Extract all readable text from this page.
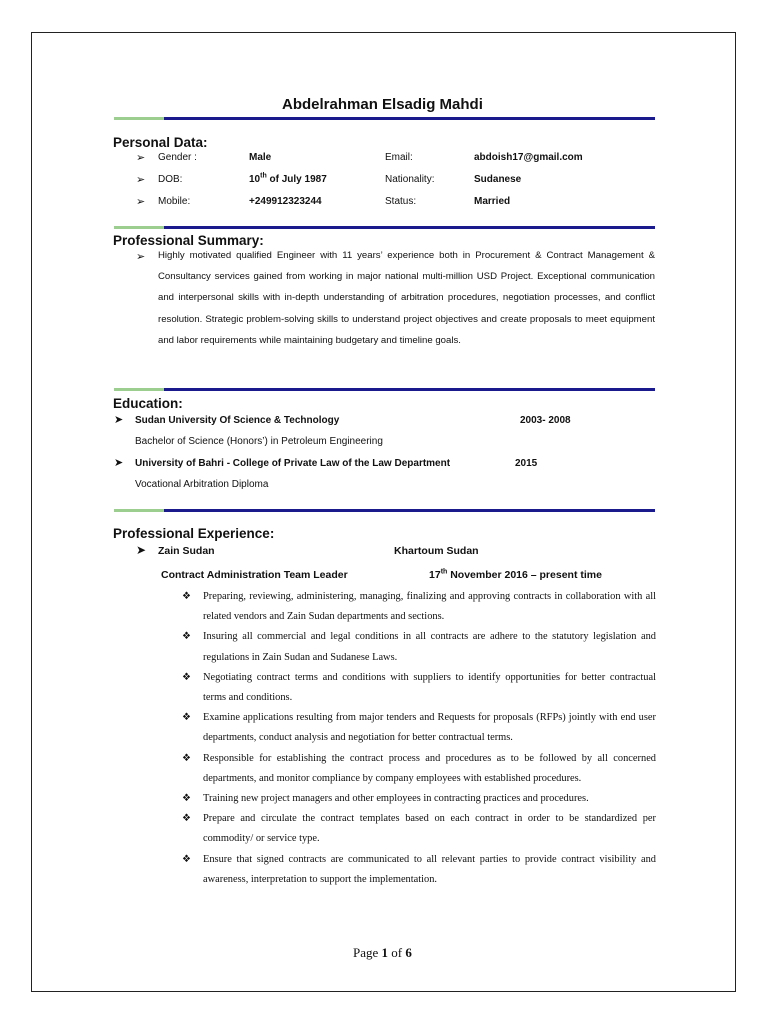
Abdelrahman Elsadig Mahdi
Personal Data:
➢ Gender :	Male	Email:	abdoish17@gmail.com
➢ DOB:	10th of July 1987	Nationality:	Sudanese
➢ Mobile:	+249912323244	Status:	Married
Professional Summary:
➢ Highly motivated qualified Engineer with 11 years’ experience both in Procurement & Contract Management & Consultancy services gained from working in major national multi-million USD Project. Exceptional communication and interpersonal skills with in-depth understanding of arbitration procedures, negotiation processes, and conflict resolution. Strategic problem-solving skills to understand project objectives and create proposals to meet equipment and labor requirements while maintaining budgetary and timeline goals.

Education:
➤ Sudan University Of Science & Technology	2003- 2008
Bachelor of Science (Honors’) in Petroleum Engineering
➤ University of Bahri - College of Private Law of the Law Department	2015
Vocational Arbitration Diploma
Professional Experience:
➤ Zain Sudan	Khartoum Sudan
Contract Administration Team Leader	17th November 2016 – present time
❖ Preparing, reviewing, administering, managing, finalizing and approving contracts in collaboration with all related vendors and Zain Sudan departments and sections.
❖ Insuring all commercial and legal conditions in all contracts are adhere to the statutory legislation and regulations in Zain Sudan and Sudanese Laws.
❖ Negotiating contract terms and conditions with suppliers to identify opportunities for better contractual terms and conditions.
❖ Examine applications resulting from major tenders and Requests for proposals (RFPs) jointly with end user departments, conduct analysis and negotiation for better contractual terms.
❖ Responsible for establishing the contract process and procedures as to be followed by all concerned departments, and monitor compliance by company employees with established procedures.
❖ Training new project managers and other employees in contracting practices and procedures.
❖ Prepare and circulate the contract templates based on each contract in order to be standardized per commodity/ or service type.
❖ Ensure that signed contracts are communicated to all relevant parties to provide contract visibility and awareness, interpretation to support the implementation.
Page 1 of 6
